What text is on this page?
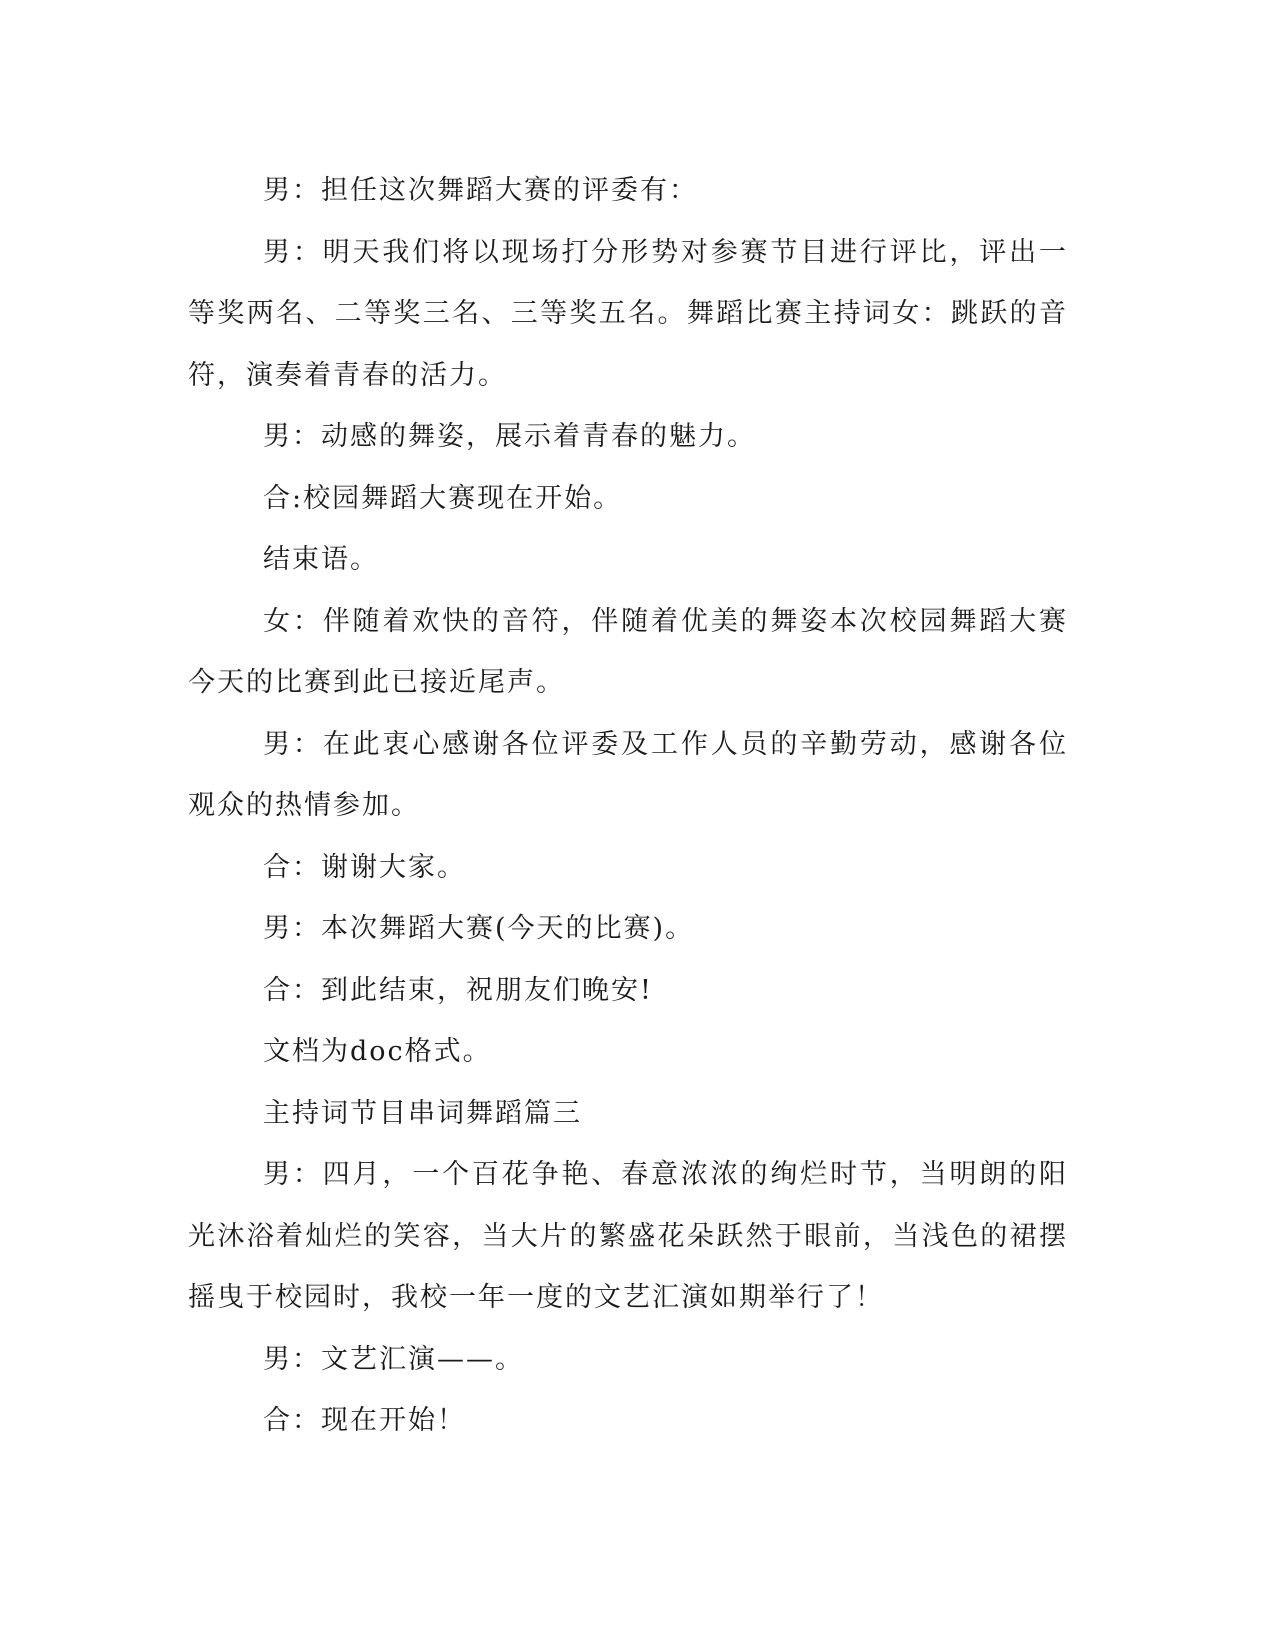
男：担任这次舞蹈大赛的评委有：

男：明天我们将以现场打分形势对参赛节目进行评比，评出一等奖两名、二等奖三名、三等奖五名。舞蹈比赛主持词女：跳跃的音符，演奏着青春的活力。

男：动感的舞姿，展示着青春的魅力。

合:校园舞蹈大赛现在开始。

结束语。

女：伴随着欢快的音符，伴随着优美的舞姿本次校园舞蹈大赛今天的比赛到此已接近尾声。

男：在此衷心感谢各位评委及工作人员的辛勤劳动，感谢各位观众的热情参加。

合：谢谢大家。

男：本次舞蹈大赛(今天的比赛)。

合：到此结束，祝朋友们晚安!

文档为doc格式。

主持词节目串词舞蹈篇三

男：四月，一个百花争艳、春意浓浓的绚烂时节，当明朗的阳光沐浴着灿烂的笑容，当大片的繁盛花朵跃然于眼前，当浅色的裙摆摇曳于校园时，我校一年一度的文艺汇演如期举行了！

男：文艺汇演——。

合：现在开始！
